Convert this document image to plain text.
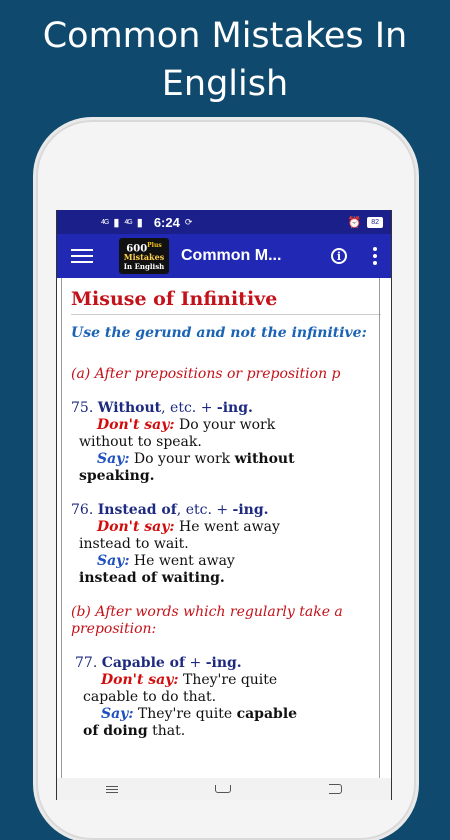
Common Mistakes In
English
4G ▮ 4G ▮ 6:24 ⟳	⏰	82
$600^{Plus}$
Mistakes
In English
Common M...	i
Misuse of Infinitive
Use the gerund and not the infinitive:
(a) After prepositions or preposition p
75. Without, etc. + -ing.
Don't say: Do your work
without to speak.
Say: Do your work without
speaking.
76. Instead of, etc. + -ing.
Don't say: He went away
instead to wait.
Say: He went away
instead of waiting.
(b) After words which regularly take a preposition:
77. Capable of + -ing.
Don't say: They're quite
capable to do that.
Say: They're quite capable
of doing that.
